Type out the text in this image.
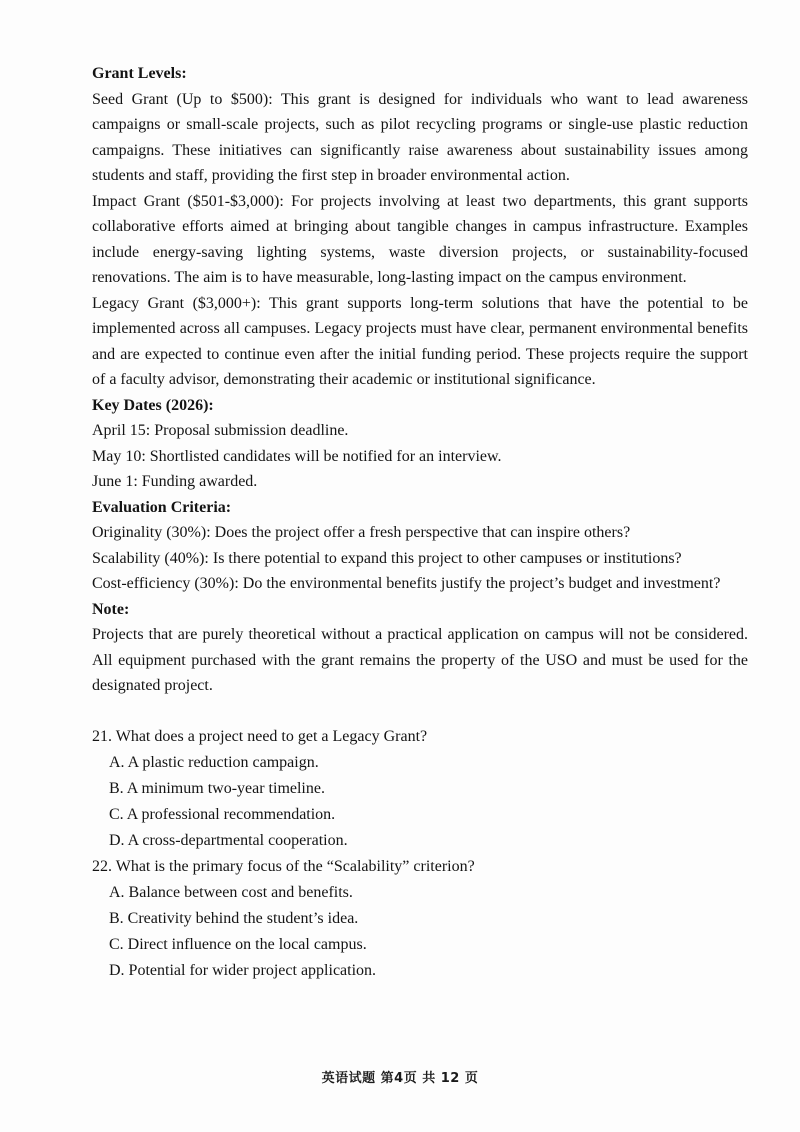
Grant Levels:

Seed Grant (Up to $500): This grant is designed for individuals who want to lead awareness campaigns or small-scale projects, such as pilot recycling programs or single-use plastic reduction campaigns. These initiatives can significantly raise awareness about sustainability issues among students and staff, providing the first step in broader environmental action.

Impact Grant ($501-$3,000): For projects involving at least two departments, this grant supports collaborative efforts aimed at bringing about tangible changes in campus infrastructure. Examples include energy-saving lighting systems, waste diversion projects, or sustainability-focused renovations. The aim is to have measurable, long-lasting impact on the campus environment.

Legacy Grant ($3,000+): This grant supports long-term solutions that have the potential to be implemented across all campuses. Legacy projects must have clear, permanent environmental benefits and are expected to continue even after the initial funding period. These projects require the support of a faculty advisor, demonstrating their academic or institutional significance.

Key Dates (2026):

April 15: Proposal submission deadline.

May 10: Shortlisted candidates will be notified for an interview.

June 1: Funding awarded.

Evaluation Criteria:

Originality (30%): Does the project offer a fresh perspective that can inspire others?

Scalability (40%): Is there potential to expand this project to other campuses or institutions?

Cost-efficiency (30%): Do the environmental benefits justify the project’s budget and investment?

Note:

Projects that are purely theoretical without a practical application on campus will not be considered. All equipment purchased with the grant remains the property of the USO and must be used for the designated project.

21. What does a project need to get a Legacy Grant?

A. A plastic reduction campaign.

B. A minimum two-year timeline.

C. A professional recommendation.

D. A cross-departmental cooperation.

22. What is the primary focus of the “Scalability” criterion?

A. Balance between cost and benefits.

B. Creativity behind the student’s idea.

C. Direct influence on the local campus.

D. Potential for wider project application.

英语试题 第4页 共 12 页
